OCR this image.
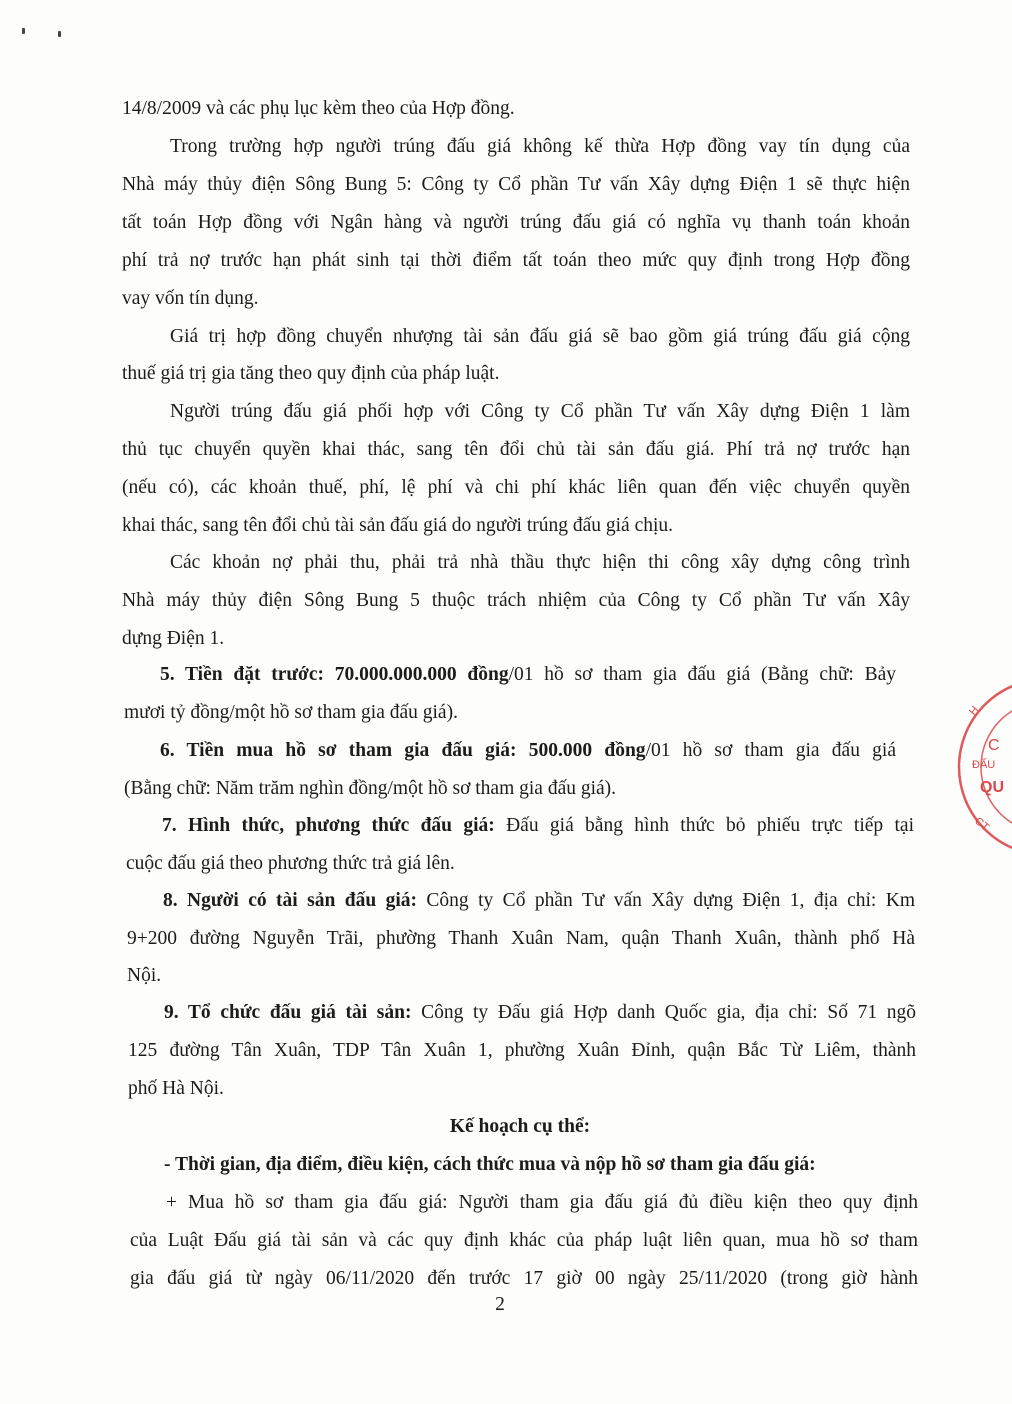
14/8/2009 và các phụ lục kèm theo của Hợp đồng.
Trong trường hợp người trúng đấu giá không kế thừa Hợp đồng vay tín dụng của
Nhà máy thủy điện Sông Bung 5: Công ty Cổ phần Tư vấn Xây dựng Điện 1 sẽ thực hiện
tất toán Hợp đồng với Ngân hàng và người trúng đấu giá có nghĩa vụ thanh toán khoản
phí trả nợ trước hạn phát sinh tại thời điểm tất toán theo mức quy định trong Hợp đồng
vay vốn tín dụng.
Giá trị hợp đồng chuyển nhượng tài sản đấu giá sẽ bao gồm giá trúng đấu giá cộng
thuế giá trị gia tăng theo quy định của pháp luật.
Người trúng đấu giá phối hợp với Công ty Cổ phần Tư vấn Xây dựng Điện 1 làm
thủ tục chuyển quyền khai thác, sang tên đổi chủ tài sản đấu giá. Phí trả nợ trước hạn
(nếu có), các khoản thuế, phí, lệ phí và chi phí khác liên quan đến việc chuyển quyền
khai thác, sang tên đổi chủ tài sản đấu giá do người trúng đấu giá chịu.
Các khoản nợ phải thu, phải trả nhà thầu thực hiện thi công xây dựng công trình
Nhà máy thủy điện Sông Bung 5 thuộc trách nhiệm của Công ty Cổ phần Tư vấn Xây
dựng Điện 1.
5. Tiền đặt trước: 70.000.000.000 đồng/01 hồ sơ tham gia đấu giá (Bằng chữ: Bảy
mươi tỷ đồng/một hồ sơ tham gia đấu giá).
6. Tiền mua hồ sơ tham gia đấu giá: 500.000 đồng/01 hồ sơ tham gia đấu giá
(Bằng chữ: Năm trăm nghìn đồng/một hồ sơ tham gia đấu giá).
7. Hình thức, phương thức đấu giá: Đấu giá bằng hình thức bỏ phiếu trực tiếp tại
cuộc đấu giá theo phương thức trả giá lên.
8. Người có tài sản đấu giá: Công ty Cổ phần Tư vấn Xây dựng Điện 1, địa chỉ: Km
9+200 đường Nguyễn Trãi, phường Thanh Xuân Nam, quận Thanh Xuân, thành phố Hà
Nội.
9. Tổ chức đấu giá tài sản: Công ty Đấu giá Hợp danh Quốc gia, địa chỉ: Số 71 ngõ
125 đường Tân Xuân, TDP Tân Xuân 1, phường Xuân Đỉnh, quận Bắc Từ Liêm, thành
phố Hà Nội.
Kế hoạch cụ thể:
- Thời gian, địa điểm, điều kiện, cách thức mua và nộp hồ sơ tham gia đấu giá:
+ Mua hồ sơ tham gia đấu giá: Người tham gia đấu giá đủ điều kiện theo quy định
của Luật Đấu giá tài sản và các quy định khác của pháp luật liên quan, mua hồ sơ tham
gia đấu giá từ ngày 06/11/2020 đến trước 17 giờ 00 ngày 25/11/2020 (trong giờ hành
2
H
C
ĐẤU
QU
CT
